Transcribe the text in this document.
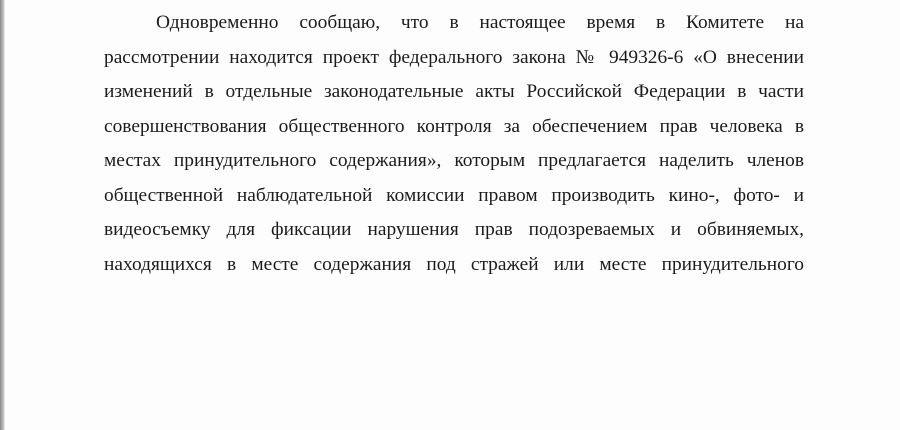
Одновременно сообщаю, что в настоящее время в Комитете на
рассмотрении находится проект федерального закона № 949326-6 «О внесении
изменений в отдельные законодательные акты Российской Федерации в части
совершенствования общественного контроля за обеспечением прав человека в
местах принудительного содержания», которым предлагается наделить членов
общественной наблюдательной комиссии правом производить кино-, фото- и
видеосъемку для фиксации нарушения прав подозреваемых и обвиняемых,
находящихся в месте содержания под стражей или месте принудительного
